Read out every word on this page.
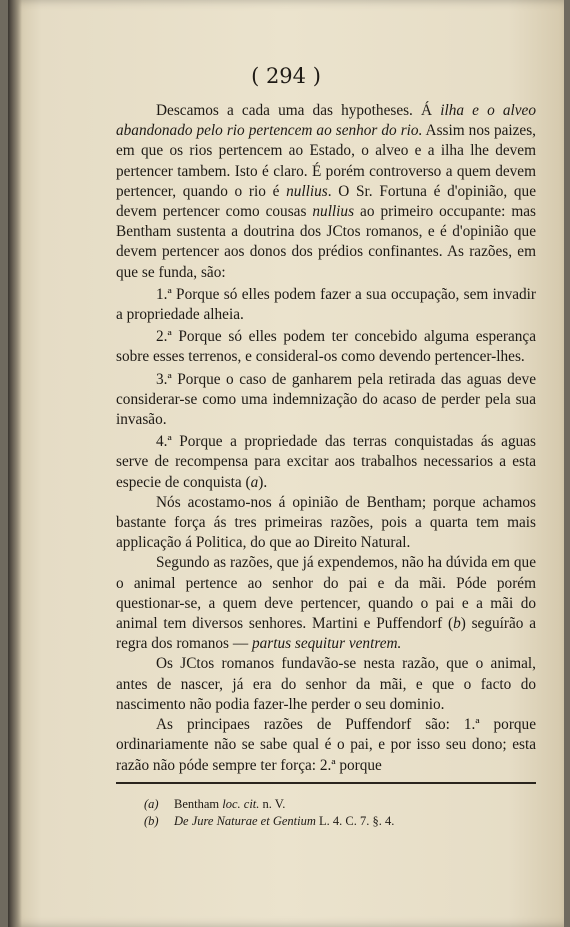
( 294 )

Descamos a cada uma das hypotheses. Á ilha e o alveo abandonado pelo rio pertencem ao senhor do rio. Assim nos paizes, em que os rios pertencem ao Estado, o alveo e a ilha lhe devem pertencer tambem. Isto é claro. É porém controverso a quem devem pertencer, quando o rio é nullius. O Sr. Fortuna é d'opinião, que devem pertencer como cousas nullius ao primeiro occupante: mas Bentham sustenta a doutrina dos JCtos romanos, e é d'opinião que devem pertencer aos donos dos prédios confinantes. As razões, em que se funda, são:

1.ª Porque só elles podem fazer a sua occupação, sem invadir a propriedade alheia.

2.ª Porque só elles podem ter concebido alguma esperança sobre esses terrenos, e consideral-os como devendo pertencer-lhes.

3.ª Porque o caso de ganharem pela retirada das aguas deve considerar-se como uma indemnização do acaso de perder pela sua invasão.

4.ª Porque a propriedade das terras conquistadas ás aguas serve de recompensa para excitar aos trabalhos necessarios a esta especie de conquista (a).

Nós acostamo-nos á opinião de Bentham; porque achamos bastante força ás tres primeiras razões, pois a quarta tem mais applicação á Politica, do que ao Direito Natural.

Segundo as razões, que já expendemos, não ha dúvida em que o animal pertence ao senhor do pai e da mãi. Póde porém questionar-se, a quem deve pertencer, quando o pai e a mãi do animal tem diversos senhores. Martini e Puffendorf (b) seguírão a regra dos romanos — partus sequitur ventrem.

Os JCtos romanos fundavão-se nesta razão, que o animal, antes de nascer, já era do senhor da mãi, e que o facto do nascimento não podia fazer-lhe perder o seu dominio.

As principaes razões de Puffendorf são: 1.ª porque ordinariamente não se sabe qual é o pai, e por isso seu dono; esta razão não póde sempre ter força: 2.ª porque

(a) Bentham loc. cit. n. V.
(b) De Jure Naturae et Gentium L. 4. C. 7. §. 4.
